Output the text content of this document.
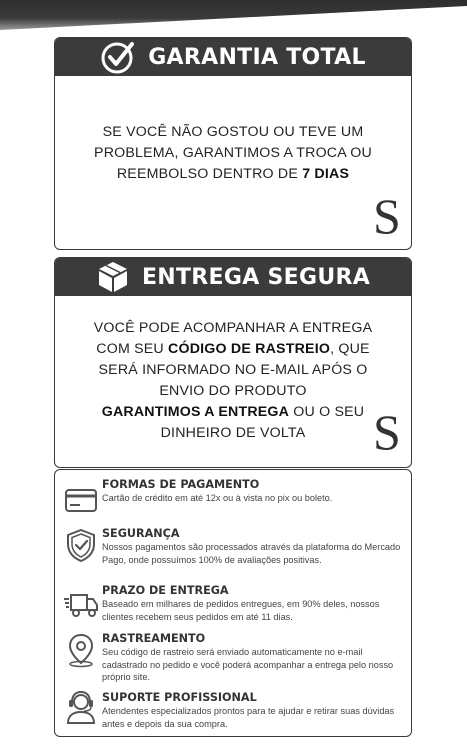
GARANTIA TOTAL
SE VOCÊ NÃO GOSTOU OU TEVE UM
PROBLEMA, GARANTIMOS A TROCA OU
REEMBOLSO DENTRO DE 7 DIAS
S
ENTREGA SEGURA
VOCÊ PODE ACOMPANHAR A ENTREGA
COM SEU CÓDIGO DE RASTREIO, QUE
SERÁ INFORMADO NO E-MAIL APÓS O
ENVIO DO PRODUTO
GARANTIMOS A ENTREGA OU O SEU
DINHEIRO DE VOLTA	S
FORMAS DE PAGAMENTO
Cartão de crédito em até 12x ou à vista no pix ou boleto.
SEGURANÇA
Nossos pagamentos são processados através da plataforma do Mercado Pago, onde possuímos 100% de avaliações positivas.
PRAZO DE ENTREGA
Baseado em milhares de pedidos entregues, em 90% deles, nossos clientes recebem seus pedidos em até 11 dias.
RASTREAMENTO
Seu código de rastreio será enviado automaticamente no e-mail cadastrado no pedido e você poderá acompanhar a entrega pelo nosso próprio site.
SUPORTE PROFISSIONAL
Atendentes especializados prontos para te ajudar e retirar suas dúvidas antes e depois da sua compra.
